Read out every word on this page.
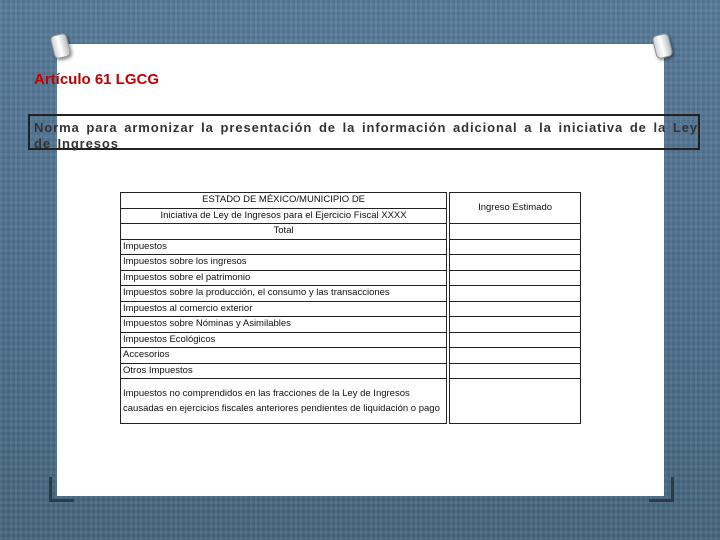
Artículo 61 LGCG
Norma para armonizar la presentación de la información adicional a la iniciativa de la Ley de Ingresos
ESTADO DE MÉXICO/MUNICIPIO DE		Ingreso Estimado
Iniciativa de Ley de Ingresos para el Ejercicio Fiscal XXXX		
Total		
Impuestos		
Impuestos sobre los ingresos		
Impuestos sobre el patrimonio		
Impuestos sobre la producción, el consumo y las transacciones		
Impuestos al comercio exterior		
Impuestos sobre Nóminas y Asimilables		
Impuestos Ecológicos		
Accesorios		
Otros Impuestos		
Impuestos no comprendidos en las fracciones de la Ley de Ingresos causadas en ejercicios fiscales anteriores pendientes de liquidación o pago		
